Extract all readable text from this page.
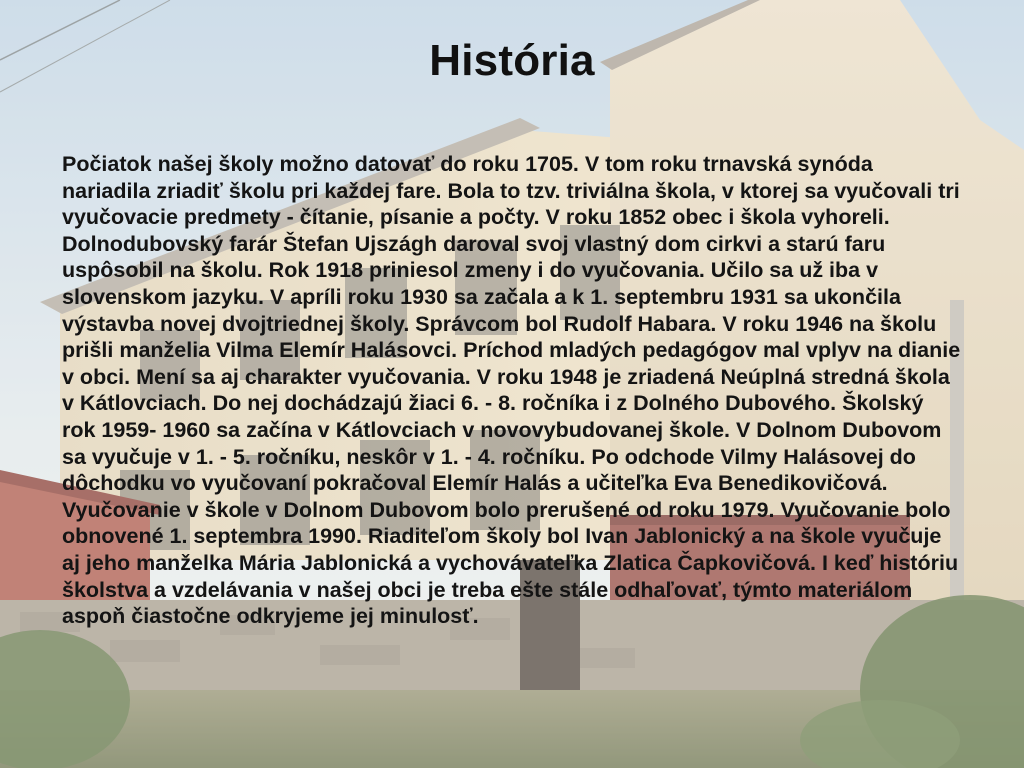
História

Počiatok našej školy možno datovať do roku 1705. V tom roku trnavská synóda nariadila zriadiť školu pri každej fare. Bola to tzv. triviálna škola, v ktorej sa vyučovali tri vyučovacie predmety - čítanie, písanie a počty. V roku 1852 obec i škola vyhoreli. Dolnodubovský farár Štefan Ujszágh daroval svoj vlastný dom cirkvi a starú faru uspôsobil na školu. Rok 1918 priniesol zmeny i do vyučovania. Učilo sa už iba v slovenskom jazyku. V apríli roku 1930 sa začala a k 1. septembru 1931 sa ukončila výstavba novej dvojtriednej školy. Správcom bol Rudolf Habara. V roku 1946 na školu prišli manželia Vilma Elemír Halásovci. Príchod mladých pedagógov mal vplyv na dianie v obci. Mení sa aj charakter vyučovania. V roku 1948 je zriadená Neúplná stredná škola v Kátlovciach. Do nej dochádzajú žiaci 6. - 8. ročníka i z Dolného Dubového. Školský rok 1959- 1960 sa začína v Kátlovciach v novovybudovanej škole. V Dolnom Dubovom sa vyučuje v 1. - 5. ročníku, neskôr v 1. - 4. ročníku. Po odchode Vilmy Halásovej do dôchodku vo vyučovaní pokračoval Elemír Halás a učiteľka Eva Benedikovičová. Vyučovanie v škole v Dolnom Dubovom bolo prerušené od roku 1979. Vyučovanie bolo obnovené 1. septembra 1990. Riaditeľom školy bol Ivan Jablonický a na škole vyučuje aj jeho manželka Mária Jablonická a vychovávateľka Zlatica Čapkovičová. I keď históriu školstva a vzdelávania v našej obci je treba ešte stále odhaľovať, týmto materiálom aspoň čiastočne odkryjeme jej minulosť.
